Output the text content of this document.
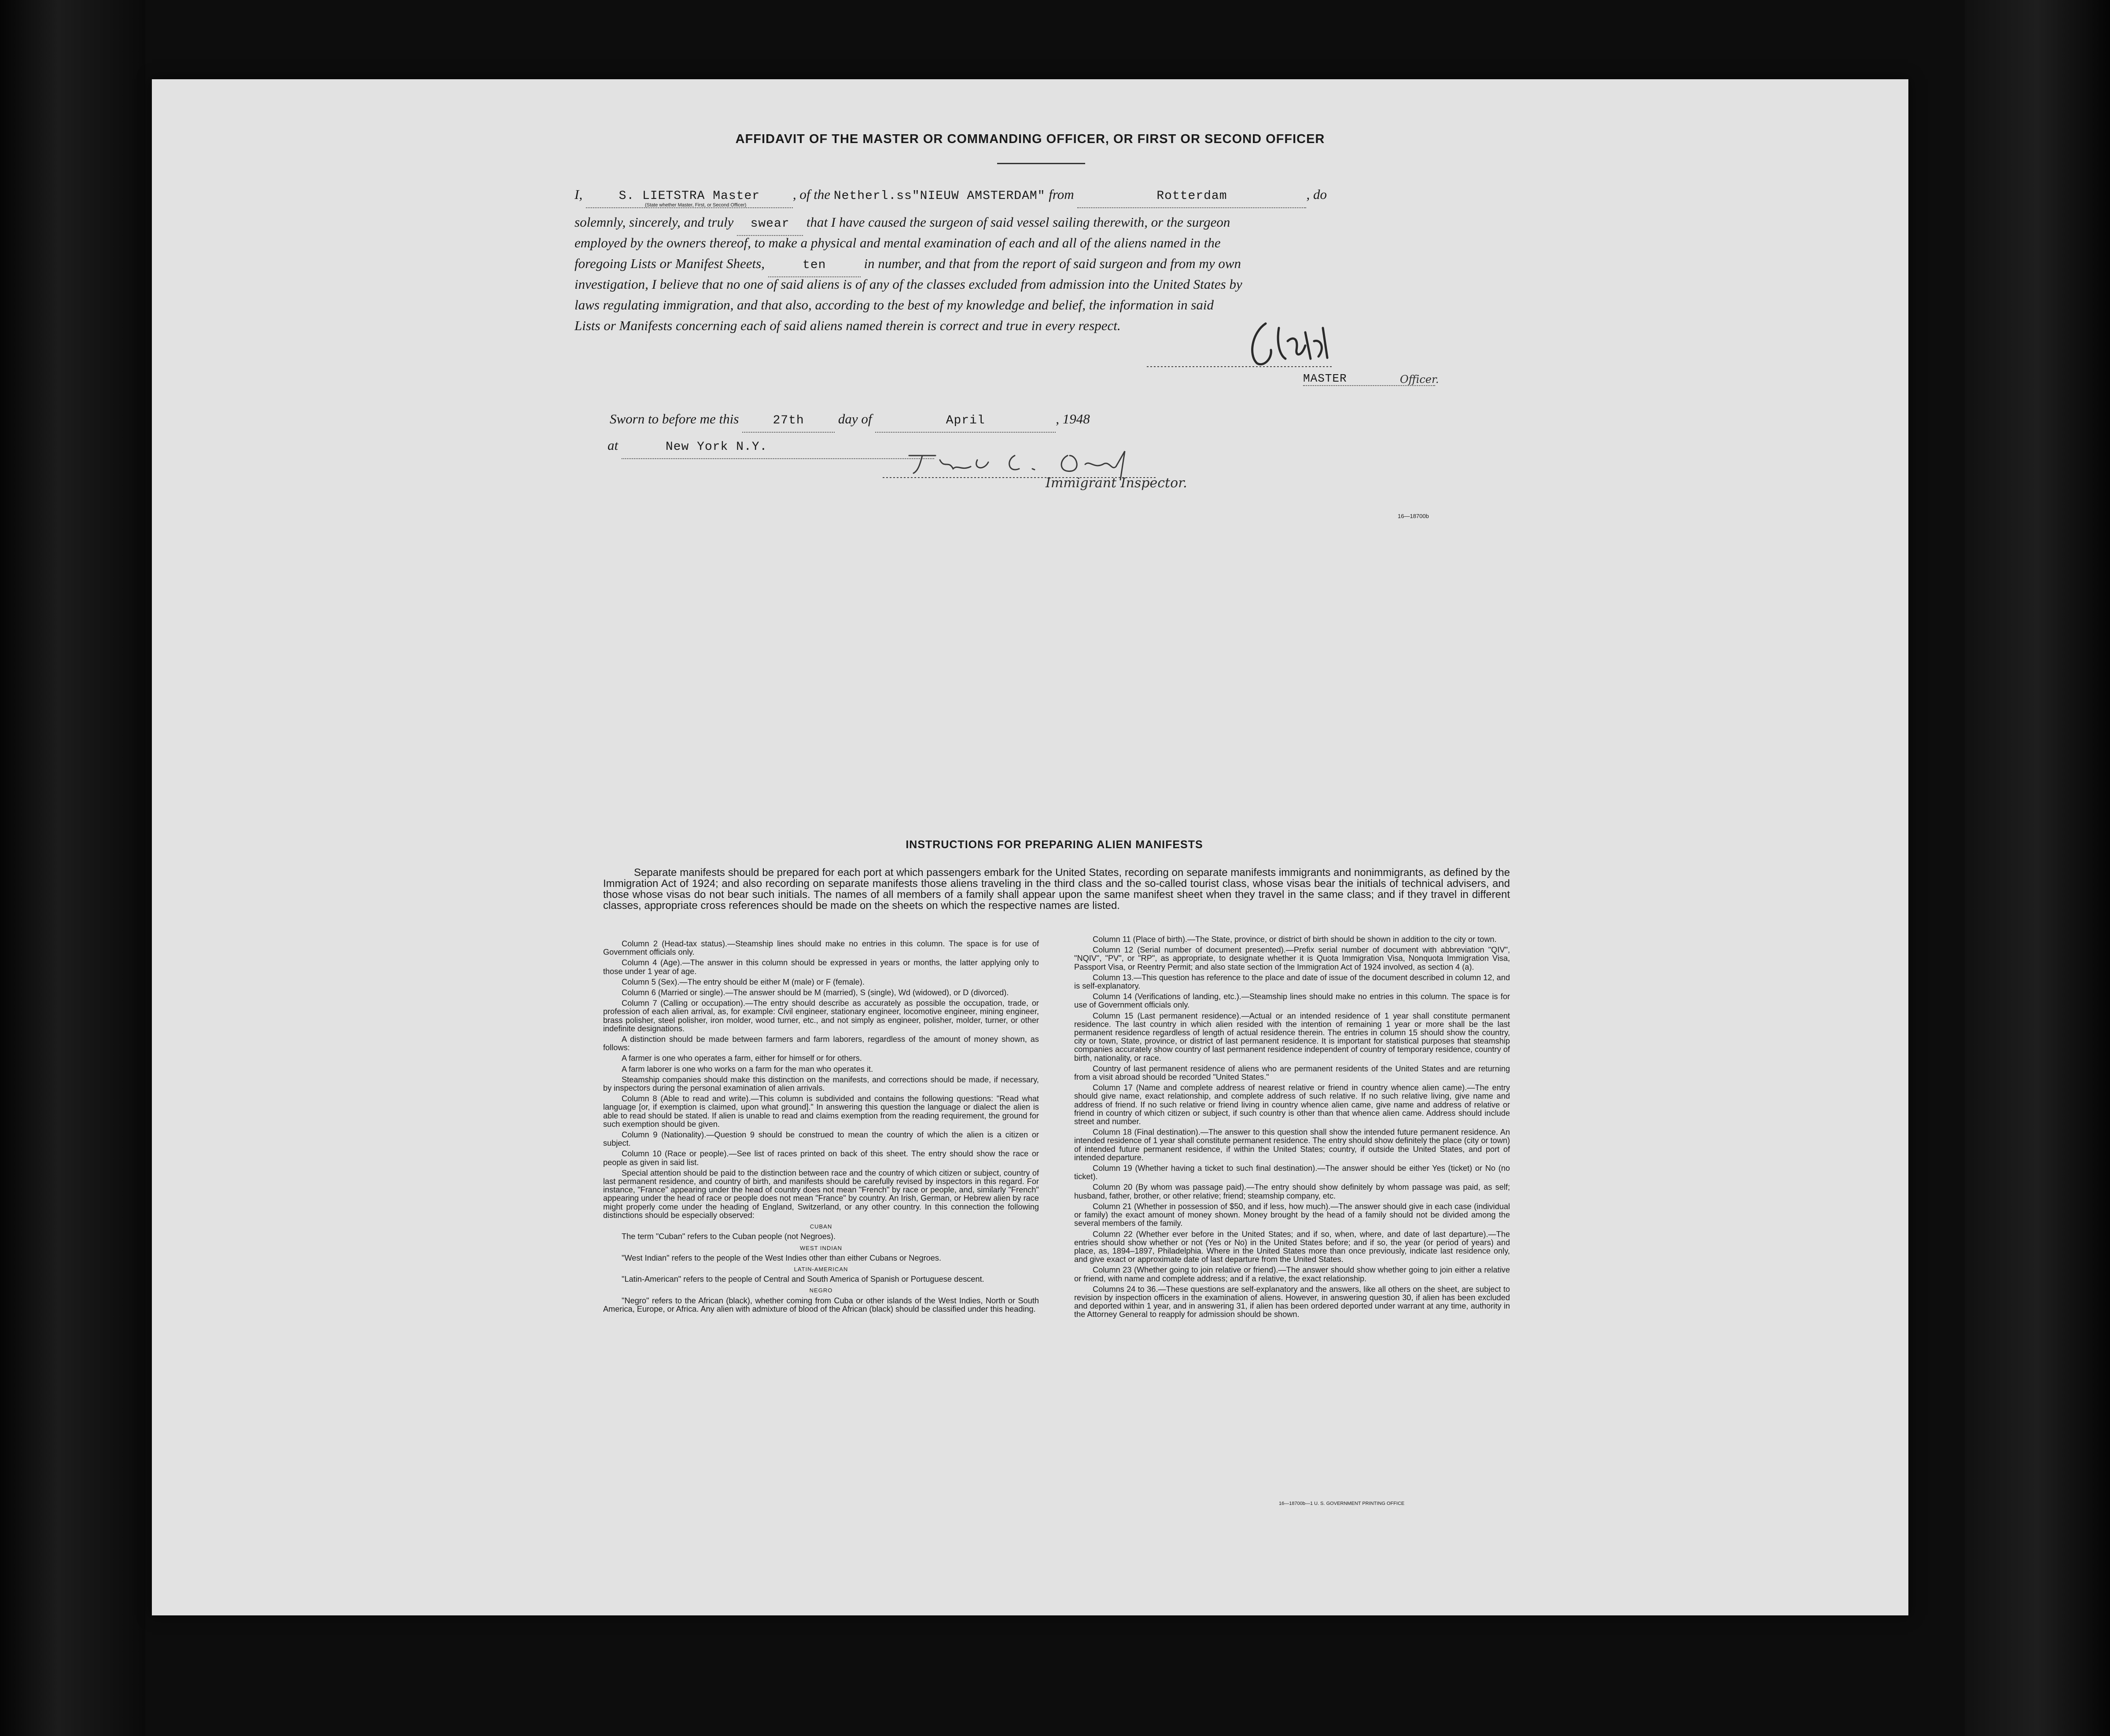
AFFIDAVIT OF THE MASTER OR COMMANDING OFFICER, OR FIRST OR SECOND OFFICER
I,	S. LIETSTRA Master , of the Netherl.ss"NIEUW AMSTERDAM" from	Rotterdam	, do
(State whether Master, First, or Second Officer)
solemnly, sincerely, and truly swear that I have caused the surgeon of said vessel sailing therewith, or the surgeon
employed by the owners thereof, to make a physical and mental examination of each and all of the aliens named in the
foregoing Lists or Manifest Sheets,	ten	in number, and that from the report of said surgeon and from my own
investigation, I believe that no one of said aliens is of any of the classes excluded from admission into the United States by
laws regulating immigration, and that also, according to the best of my knowledge and belief, the information in said
Lists or Manifests concerning each of said aliens named therein is correct and true in every respect.
MASTER	Officer.
Sworn to before me this	27th day of	April	, 1948
at	New York N.Y.
Immigrant Inspector.
16—18700b
INSTRUCTIONS FOR PREPARING ALIEN MANIFESTS
Separate manifests should be prepared for each port at which passengers embark for the United States, recording on separate manifests immigrants and nonimmigrants, as defined by the Immigration Act of 1924; and also recording on separate manifests those aliens traveling in the third class and the so-called tourist class, whose visas bear the initials of technical advisers, and those whose visas do not bear such initials. The names of all members of a family shall appear upon the same manifest sheet when they travel in the same class; and if they travel in different classes, appropriate cross references should be made on the sheets on which the respective names are listed.

Column 2 (Head-tax status).—Steamship lines should make no entries in this column. The space is for use of Government officials only.

Column 4 (Age).—The answer in this column should be expressed in years or months, the latter applying only to those under 1 year of age.

Column 5 (Sex).—The entry should be either M (male) or F (female).

Column 6 (Married or single).—The answer should be M (married), S (single), Wd (widowed), or D (divorced).

Column 7 (Calling or occupation).—The entry should describe as accurately as possible the occupation, trade, or profession of each alien arrival, as, for example: Civil engineer, stationary engineer, locomotive engineer, mining engineer, brass polisher, steel polisher, iron molder, wood turner, etc., and not simply as engineer, polisher, molder, turner, or other indefinite designations.

A distinction should be made between farmers and farm laborers, regardless of the amount of money shown, as follows:

A farmer is one who operates a farm, either for himself or for others.

A farm laborer is one who works on a farm for the man who operates it.

Steamship companies should make this distinction on the manifests, and corrections should be made, if necessary, by inspectors during the personal examination of alien arrivals.

Column 8 (Able to read and write).—This column is subdivided and contains the following questions: "Read what language [or, if exemption is claimed, upon what ground]." In answering this question the language or dialect the alien is able to read should be stated. If alien is unable to read and claims exemption from the reading requirement, the ground for such exemption should be given.

Column 9 (Nationality).—Question 9 should be construed to mean the country of which the alien is a citizen or subject.

Column 10 (Race or people).—See list of races printed on back of this sheet. The entry should show the race or people as given in said list.

Special attention should be paid to the distinction between race and the country of which citizen or subject, country of last permanent residence, and country of birth, and manifests should be carefully revised by inspectors in this regard. For instance, "France" appearing under the head of country does not mean "French" by race or people, and, similarly "French" appearing under the head of race or people does not mean "France" by country. An Irish, German, or Hebrew alien by race might properly come under the heading of England, Switzerland, or any other country. In this connection the following distinctions should be especially observed:

CUBAN

The term "Cuban" refers to the Cuban people (not Negroes).

WEST INDIAN

"West Indian" refers to the people of the West Indies other than either Cubans or Negroes.

LATIN-AMERICAN

"Latin-American" refers to the people of Central and South America of Spanish or Portuguese descent.

NEGRO

"Negro" refers to the African (black), whether coming from Cuba or other islands of the West Indies, North or South America, Europe, or Africa. Any alien with admixture of blood of the African (black) should be classified under this heading.

Column 11 (Place of birth).—The State, province, or district of birth should be shown in addition to the city or town.

Column 12 (Serial number of document presented).—Prefix serial number of document with abbreviation "QIV", "NQIV", "PV", or "RP", as appropriate, to designate whether it is Quota Immigration Visa, Nonquota Immigration Visa, Passport Visa, or Reentry Permit; and also state section of the Immigration Act of 1924 involved, as section 4 (a).

Column 13.—This question has reference to the place and date of issue of the document described in column 12, and is self-explanatory.

Column 14 (Verifications of landing, etc.).—Steamship lines should make no entries in this column. The space is for use of Government officials only.

Column 15 (Last permanent residence).—Actual or an intended residence of 1 year shall constitute permanent residence. The last country in which alien resided with the intention of remaining 1 year or more shall be the last permanent residence regardless of length of actual residence therein. The entries in column 15 should show the country, city or town, State, province, or district of last permanent residence. It is important for statistical purposes that steamship companies accurately show country of last permanent residence independent of country of temporary residence, country of birth, nationality, or race.

Country of last permanent residence of aliens who are permanent residents of the United States and are returning from a visit abroad should be recorded "United States."

Column 17 (Name and complete address of nearest relative or friend in country whence alien came).—The entry should give name, exact relationship, and complete address of such relative. If no such relative living, give name and address of friend. If no such relative or friend living in country whence alien came, give name and address of relative or friend in country of which citizen or subject, if such country is other than that whence alien came. Address should include street and number.

Column 18 (Final destination).—The answer to this question shall show the intended future permanent residence. An intended residence of 1 year shall constitute permanent residence. The entry should show definitely the place (city or town) of intended future permanent residence, if within the United States; country, if outside the United States, and port of intended departure.

Column 19 (Whether having a ticket to such final destination).—The answer should be either Yes (ticket) or No (no ticket).

Column 20 (By whom was passage paid).—The entry should show definitely by whom passage was paid, as self; husband, father, brother, or other relative; friend; steamship company, etc.

Column 21 (Whether in possession of $50, and if less, how much).—The answer should give in each case (individual or family) the exact amount of money shown. Money brought by the head of a family should not be divided among the several members of the family.

Column 22 (Whether ever before in the United States; and if so, when, where, and date of last departure).—The entries should show whether or not (Yes or No) in the United States before; and if so, the year (or period of years) and place, as, 1894–1897, Philadelphia. Where in the United States more than once previously, indicate last residence only, and give exact or approximate date of last departure from the United States.

Column 23 (Whether going to join relative or friend).—The answer should show whether going to join either a relative or friend, with name and complete address; and if a relative, the exact relationship.

Columns 24 to 36.—These questions are self-explanatory and the answers, like all others on the sheet, are subject to revision by inspection officers in the examination of aliens. However, in answering question 30, if alien has been excluded and deported within 1 year, and in answering 31, if alien has been ordered deported under warrant at any time, authority in the Attorney General to reapply for admission should be shown.

16—18700b—1 U. S. GOVERNMENT PRINTING OFFICE
